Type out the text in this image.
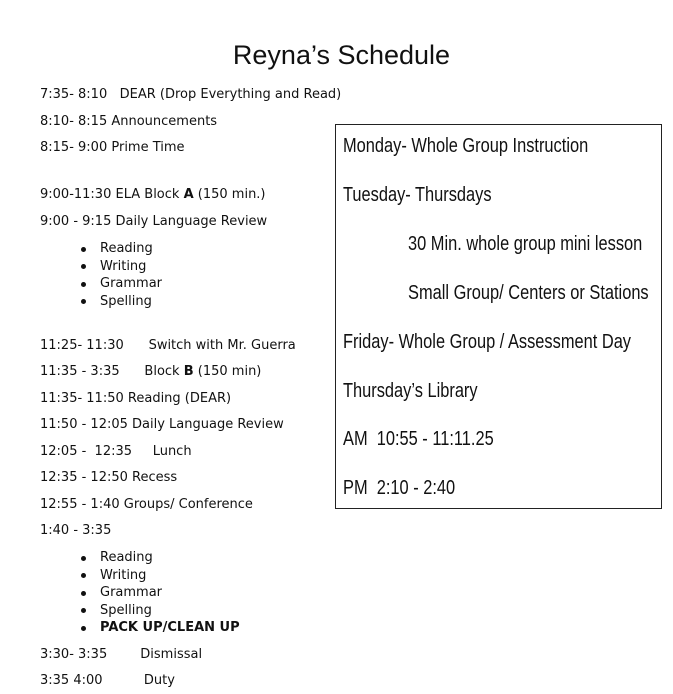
Reyna’s Schedule
7:35- 8:10 DEAR (Drop Everything and Read)
8:10- 8:15 Announcements
8:15- 9:00 Prime Time
9:00-11:30 ELA Block A (150 min.)
9:00 - 9:15 Daily Language Review
Reading
Writing
Grammar
Spelling
11:25- 11:30 Switch with Mr. Guerra
11:35 - 3:35 Block B (150 min)
11:35- 11:50 Reading (DEAR)
11:50 - 12:05 Daily Language Review
12:05 -  12:35 Lunch
12:35 - 12:50 Recess
12:55 - 1:40 Groups/ Conference
1:40 - 3:35
Reading
Writing
Grammar
Spelling
PACK UP/CLEAN UP
3:30- 3:35	Dismissal
3:35 4:00	Duty
Monday- Whole Group Instruction
Tuesday- Thursdays
30 Min. whole group mini lesson
Small Group/ Centers or Stations
Friday- Whole Group / Assessment Day
Thursday’s Library
AM  10:55 - 11:11.25
PM  2:10 - 2:40
